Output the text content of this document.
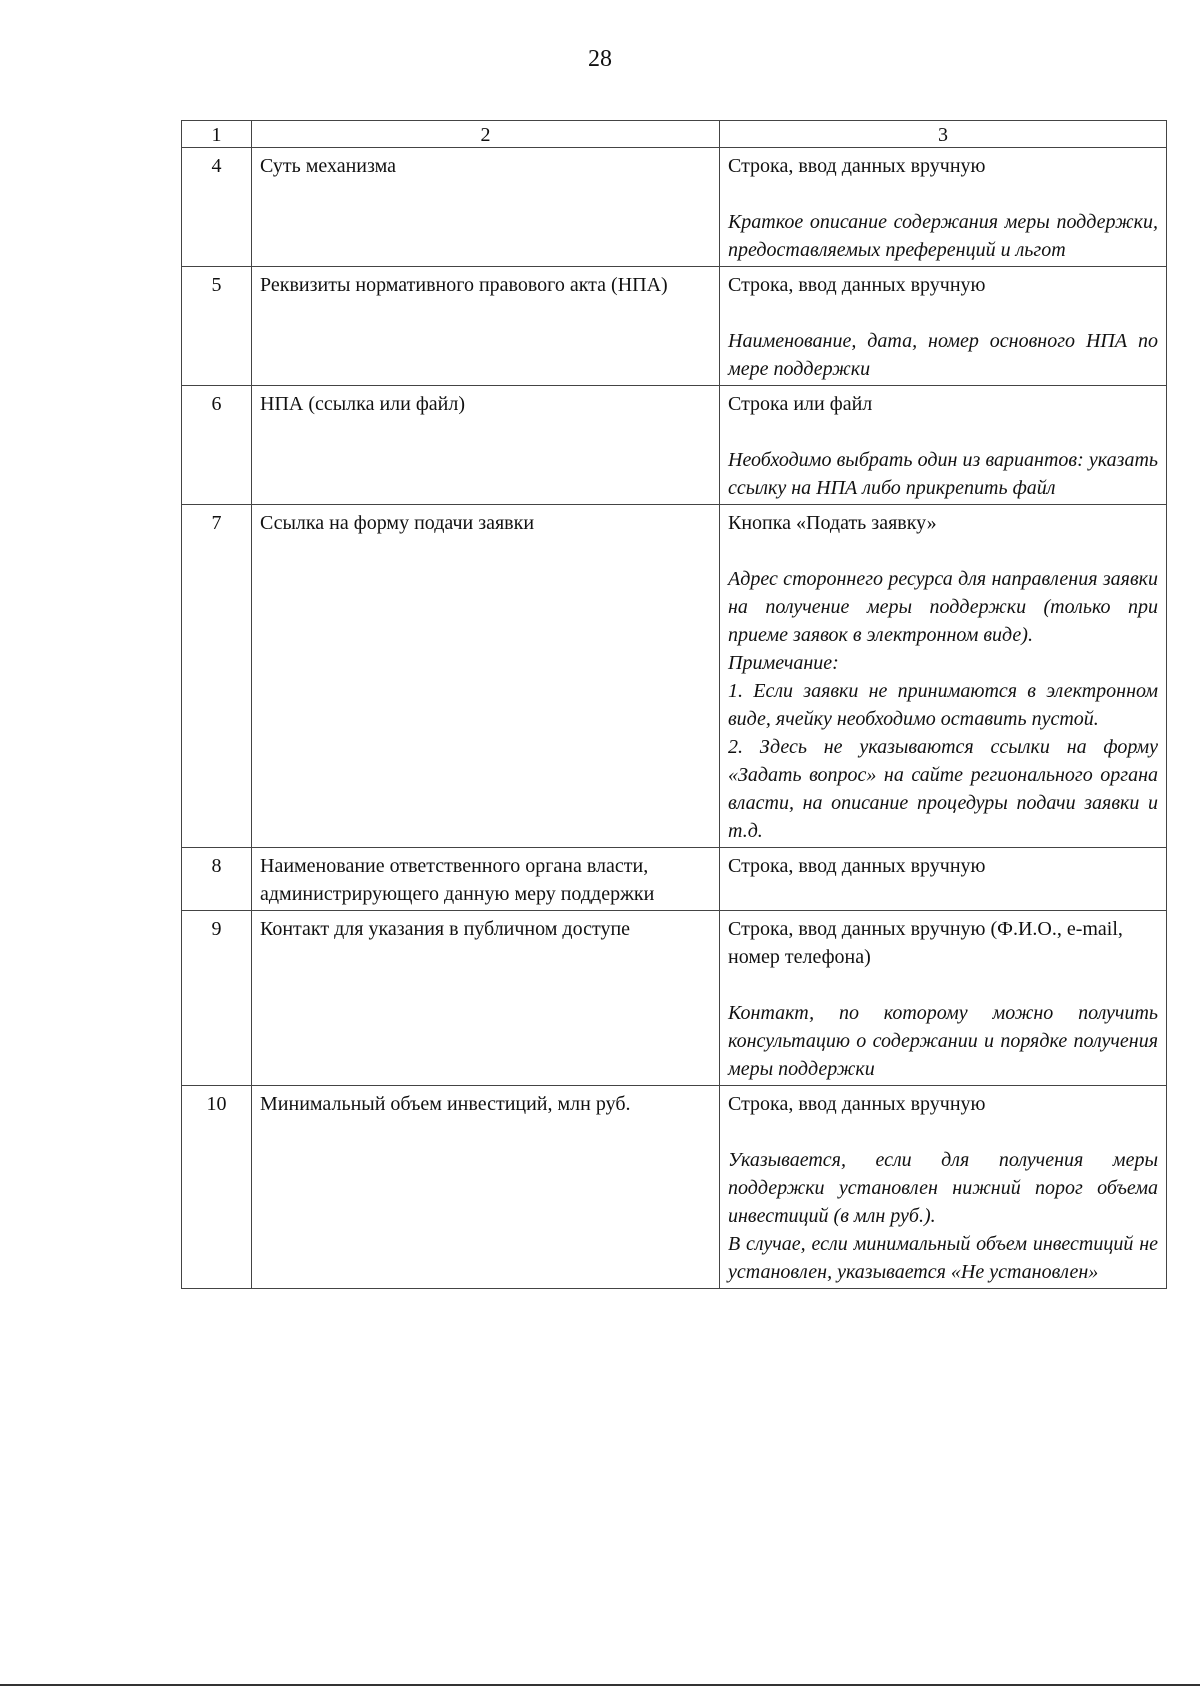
28
1	2	3
4	Суть механизма	Строка, ввод данных вручную

Краткое описание содержания меры поддержки, предоставляемых преференций и льгот

5	Реквизиты нормативного правового акта (НПА)	Строка, ввод данных вручную

Наименование, дата, номер основного НПА по мере поддержки

6	НПА (ссылка или файл)	Строка или файл

Необходимо выбрать один из вариантов: указать ссылку на НПА либо прикрепить файл

7	Ссылка на форму подачи заявки	Кнопка «Подать заявку»

Адрес стороннего ресурса для направления заявки на получение меры поддержки (только при приеме заявок в электронном виде).

Примечание:

1. Если заявки не принимаются в электронном виде, ячейку необходимо оставить пустой.

2. Здесь не указываются ссылки на форму «Задать вопрос» на сайте регионального органа власти, на описание процедуры подачи заявки и т.д.

8	Наименование ответственного органа власти, администрирующего данную меру поддержки	Строка, ввод данных вручную

9	Контакт для указания в публичном доступе	Строка, ввод данных вручную (Ф.И.О., e-mail, номер телефона)

Контакт, по которому можно получить консультацию о содержании и порядке получения меры поддержки

10	Минимальный объем инвестиций, млн руб.	Строка, ввод данных вручную

Указывается, если для получения меры поддержки установлен нижний порог объема инвестиций (в млн руб.).

В случае, если минимальный объем инвестиций не установлен, указывается «Не установлен»
